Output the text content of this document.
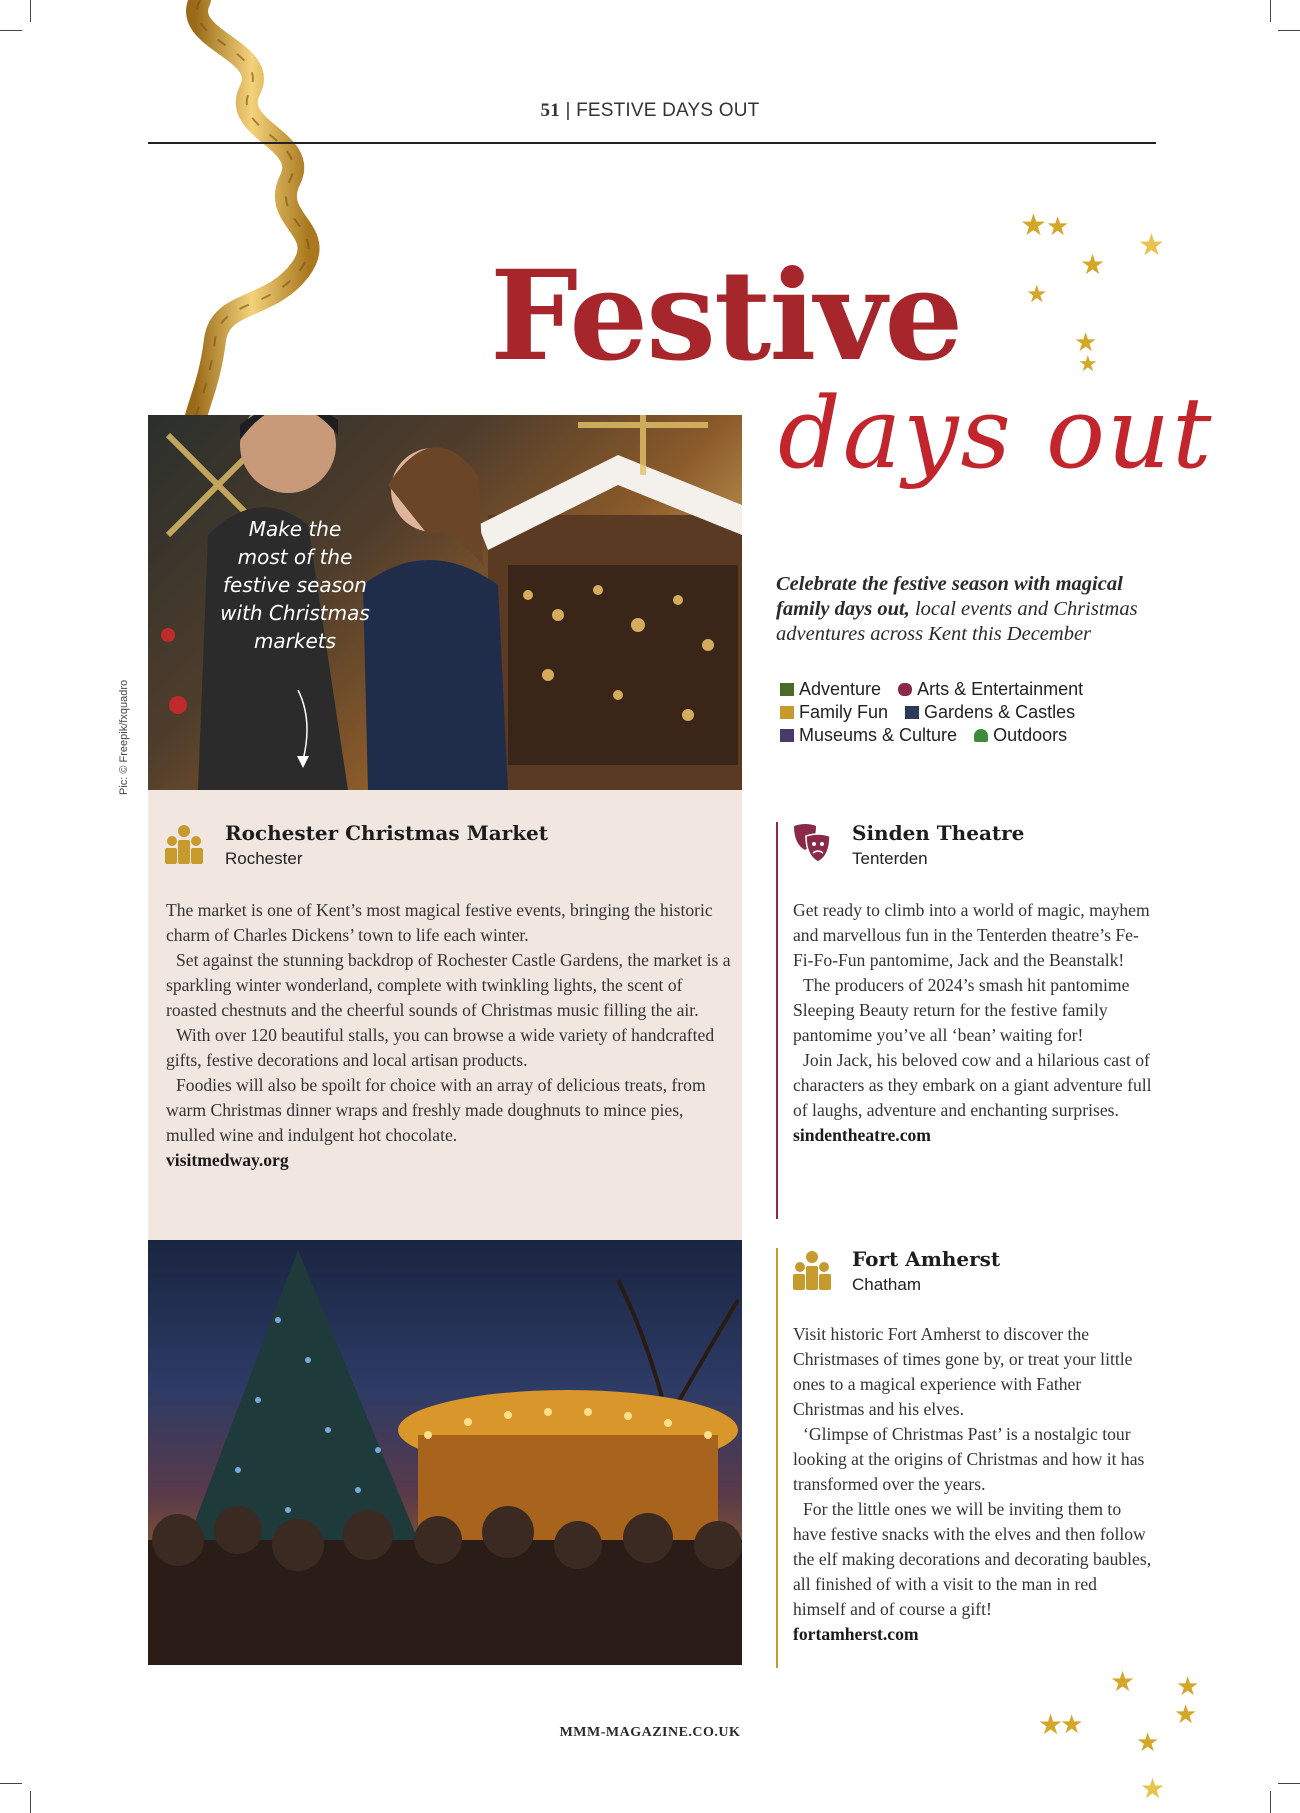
51 | FESTIVE DAYS OUT
★ ★
★
★
★
★
★
Festive
days out
Celebrate the festive season with magical family days out, local events and Christmas adventures across Kent this December
Adventure Arts & Entertainment
Family Fun Gardens & Castles
Museums & Culture Outdoors
Make the
most of the
festive season
with Christmas
markets
Pic: © Freepik/fxquadro
Rochester Christmas Market
Rochester

The market is one of Kent’s most magical festive events, bringing the historic charm of Charles Dickens’ town to life each winter.

Set against the stunning backdrop of Rochester Castle Gardens, the market is a sparkling winter wonderland, complete with twinkling lights, the scent of roasted chestnuts and the cheerful sounds of Christmas music filling the air.

With over 120 beautiful stalls, you can browse a wide variety of handcrafted gifts, festive decorations and local artisan products.

Foodies will also be spoilt for choice with an array of delicious treats, from warm Christmas dinner wraps and freshly made doughnuts to mince pies, mulled wine and indulgent hot chocolate.

visitmedway.org
Sinden Theatre
Tenterden

Get ready to climb into a world of magic, mayhem and marvellous fun in the Tenterden theatre’s Fe-Fi-Fo-Fun pantomime, Jack and the Beanstalk!

The producers of 2024’s smash hit pantomime Sleeping Beauty return for the festive family pantomime you’ve all ‘bean’ waiting for!

Join Jack, his beloved cow and a hilarious cast of characters as they embark on a giant adventure full of laughs, adventure and enchanting surprises.

sindentheatre.com
Fort Amherst
Chatham

Visit historic Fort Amherst to discover the Christmases of times gone by, or treat your little ones to a magical experience with Father Christmas and his elves.

‘Glimpse of Christmas Past’ is a nostalgic tour looking at the origins of Christmas and how it has transformed over the years.

For the little ones we will be inviting them to have festive snacks with the elves and then follow the elf making decorations and decorating baubles, all finished of with a visit to the man in red himself and of course a gift!

fortamherst.com
★ ★
★
★
★
★
★
MMM-MAGAZINE.CO.UK
